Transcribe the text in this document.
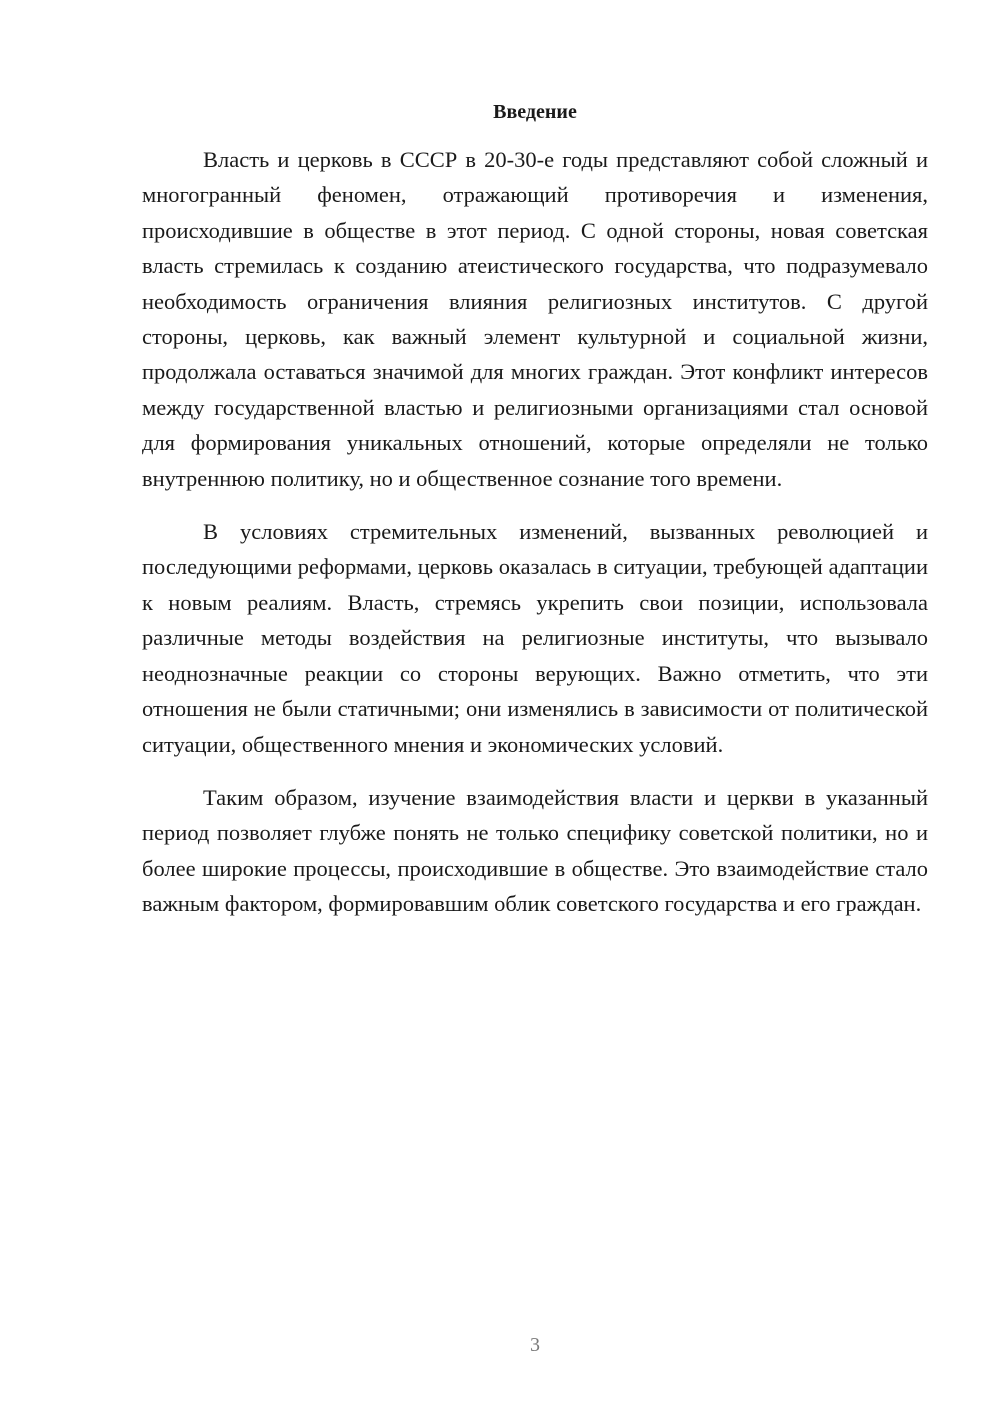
Введение

Власть и церковь в СССР в 20-30-е годы представляют собой сложный и многогранный феномен, отражающий противоречия и изменения, происходившие в обществе в этот период. С одной стороны, новая советская власть стремилась к созданию атеистического государства, что подразумевало необходимость ограничения влияния религиозных институтов. С другой стороны, церковь, как важный элемент культурной и социальной жизни, продолжала оставаться значимой для многих граждан. Этот конфликт интересов между государственной властью и религиозными организациями стал основой для формирования уникальных отношений, которые определяли не только внутреннюю политику, но и общественное сознание того времени.

В условиях стремительных изменений, вызванных революцией и последующими реформами, церковь оказалась в ситуации, требующей адаптации к новым реалиям. Власть, стремясь укрепить свои позиции, использовала различные методы воздействия на религиозные институты, что вызывало неоднозначные реакции со стороны верующих. Важно отметить, что эти отношения не были статичными; они изменялись в зависимости от политической ситуации, общественного мнения и экономических условий.

Таким образом, изучение взаимодействия власти и церкви в указанный период позволяет глубже понять не только специфику советской политики, но и более широкие процессы, происходившие в обществе. Это взаимодействие стало важным фактором, формировавшим облик советского государства и его граждан.

3
